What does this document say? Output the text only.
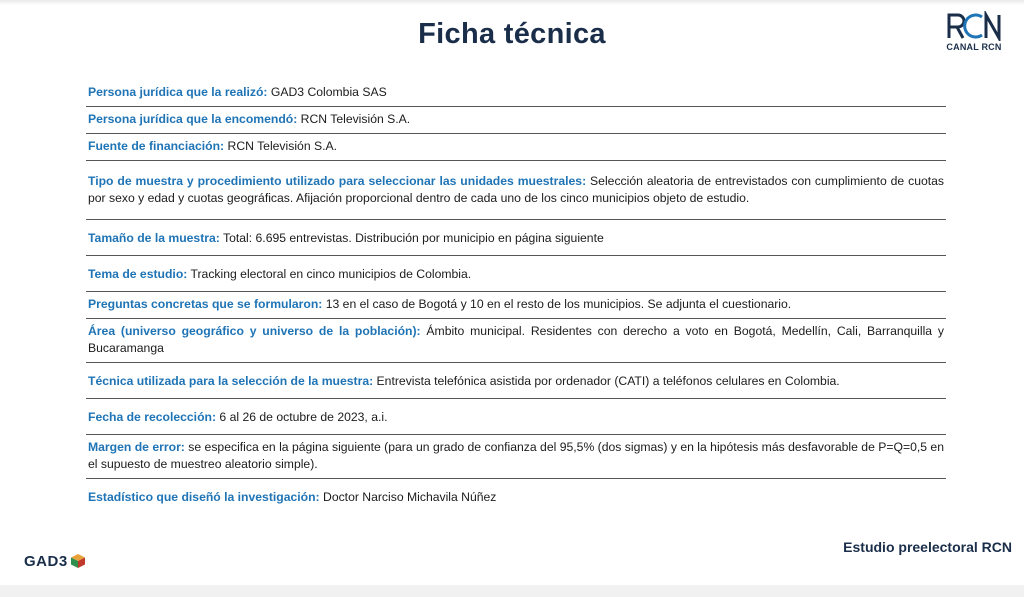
Ficha técnica	CANAL RCN
Persona jurídica que la realizó: GAD3 Colombia SAS
Persona jurídica que la encomendó: RCN Televisión S.A.
Fuente de financiación: RCN Televisión S.A.
Tipo de muestra y procedimiento utilizado para seleccionar las unidades muestrales: Selección aleatoria de entrevistados con cumplimiento de cuotas por sexo y edad y cuotas geográficas. Afijación proporcional dentro de cada uno de los cinco municipios objeto de estudio.
Tamaño de la muestra: Total: 6.695 entrevistas. Distribución por municipio en página siguiente
Tema de estudio: Tracking electoral en cinco municipios de Colombia.
Preguntas concretas que se formularon: 13 en el caso de Bogotá y 10 en el resto de los municipios. Se adjunta el cuestionario.
Área (universo geográfico y universo de la población): Ámbito municipal. Residentes con derecho a voto en Bogotá, Medellín, Cali, Barranquilla y Bucaramanga
Técnica utilizada para la selección de la muestra: Entrevista telefónica asistida por ordenador (CATI) a teléfonos celulares en Colombia.
Fecha de recolección: 6 al 26 de octubre de 2023, a.i.
Margen de error: se especifica en la página siguiente (para un grado de confianza del 95,5% (dos sigmas) y en la hipótesis más desfavorable de P=Q=0,5 en el supuesto de muestreo aleatorio simple).
Estadístico que diseñó la investigación: Doctor Narciso Michavila Núñez
GAD3
Estudio preelectoral RCN
